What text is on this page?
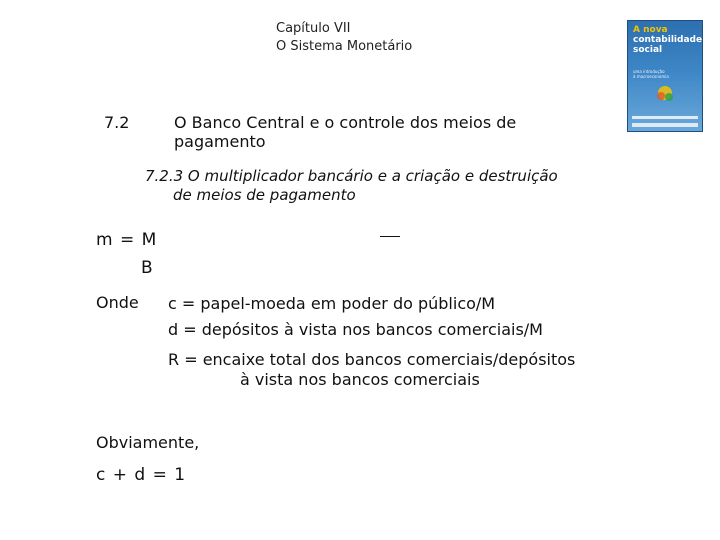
Capítulo VII
O Sistema Monetário
A nova
contabilidade
social
uma introdução
à macroeconomia
7.2	O Banco Central e o controle dos meios de
pagamento
7.2.3 O multiplicador bancário e a criação e destruição
de meios de pagamento
m = M
B
Onde c = papel-moeda em poder do público/M
d = depósitos à vista nos bancos comerciais/M
R = encaixe total dos bancos comerciais/depósitos
à vista nos bancos comerciais
Obviamente,
c + d = 1
